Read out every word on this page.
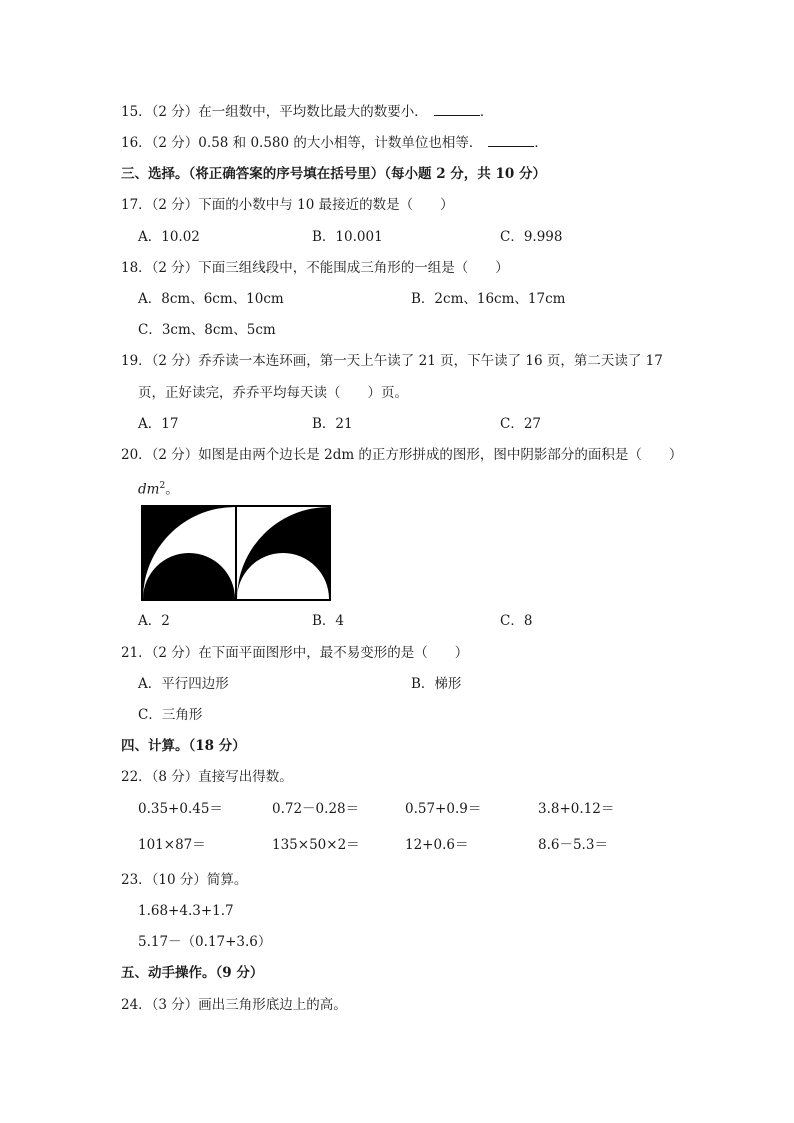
15．（2 分）在一组数中，平均数比最大的数要小．	．
16．（2 分）0.58 和 0.580 的大小相等，计数单位也相等．	．
三、选择。（将正确答案的序号填在括号里）（每小题 2 分，共 10 分）
17．（2 分）下面的小数中与 10 最接近的数是（　　）
A．10.02	B．10.001	C．9.998
18．（2 分）下面三组线段中，不能围成三角形的一组是（　　）
A．8cm、6cm、10cm	B．2cm、16cm、17cm
C．3cm、8cm、5cm
19．（2 分）乔乔读一本连环画，第一天上午读了 21 页，下午读了 16 页，第二天读了 17
页，正好读完，乔乔平均每天读（　　）页。
A．17	B．21	C．27
20．（2 分）如图是由两个边长是 2dm 的正方形拼成的图形，图中阴影部分的面积是（　　）
$dm^2$。
A．2	B．4	C．8
21．（2 分）在下面平面图形中，最不易变形的是（　　）
A．平行四边形	B．梯形
C．三角形
四、计算。（18 分）
22．（8 分）直接写出得数。
0.35+0.45＝	0.72－0.28＝	0.57+0.9＝	3.8+0.12＝
101×87＝	135×50×2＝	12+0.6＝	8.6－5.3＝
23．（10 分）简算。
1.68+4.3+1.7
5.17－（0.17+3.6）
五、动手操作。（9 分）
24．（3 分）画出三角形底边上的高。
